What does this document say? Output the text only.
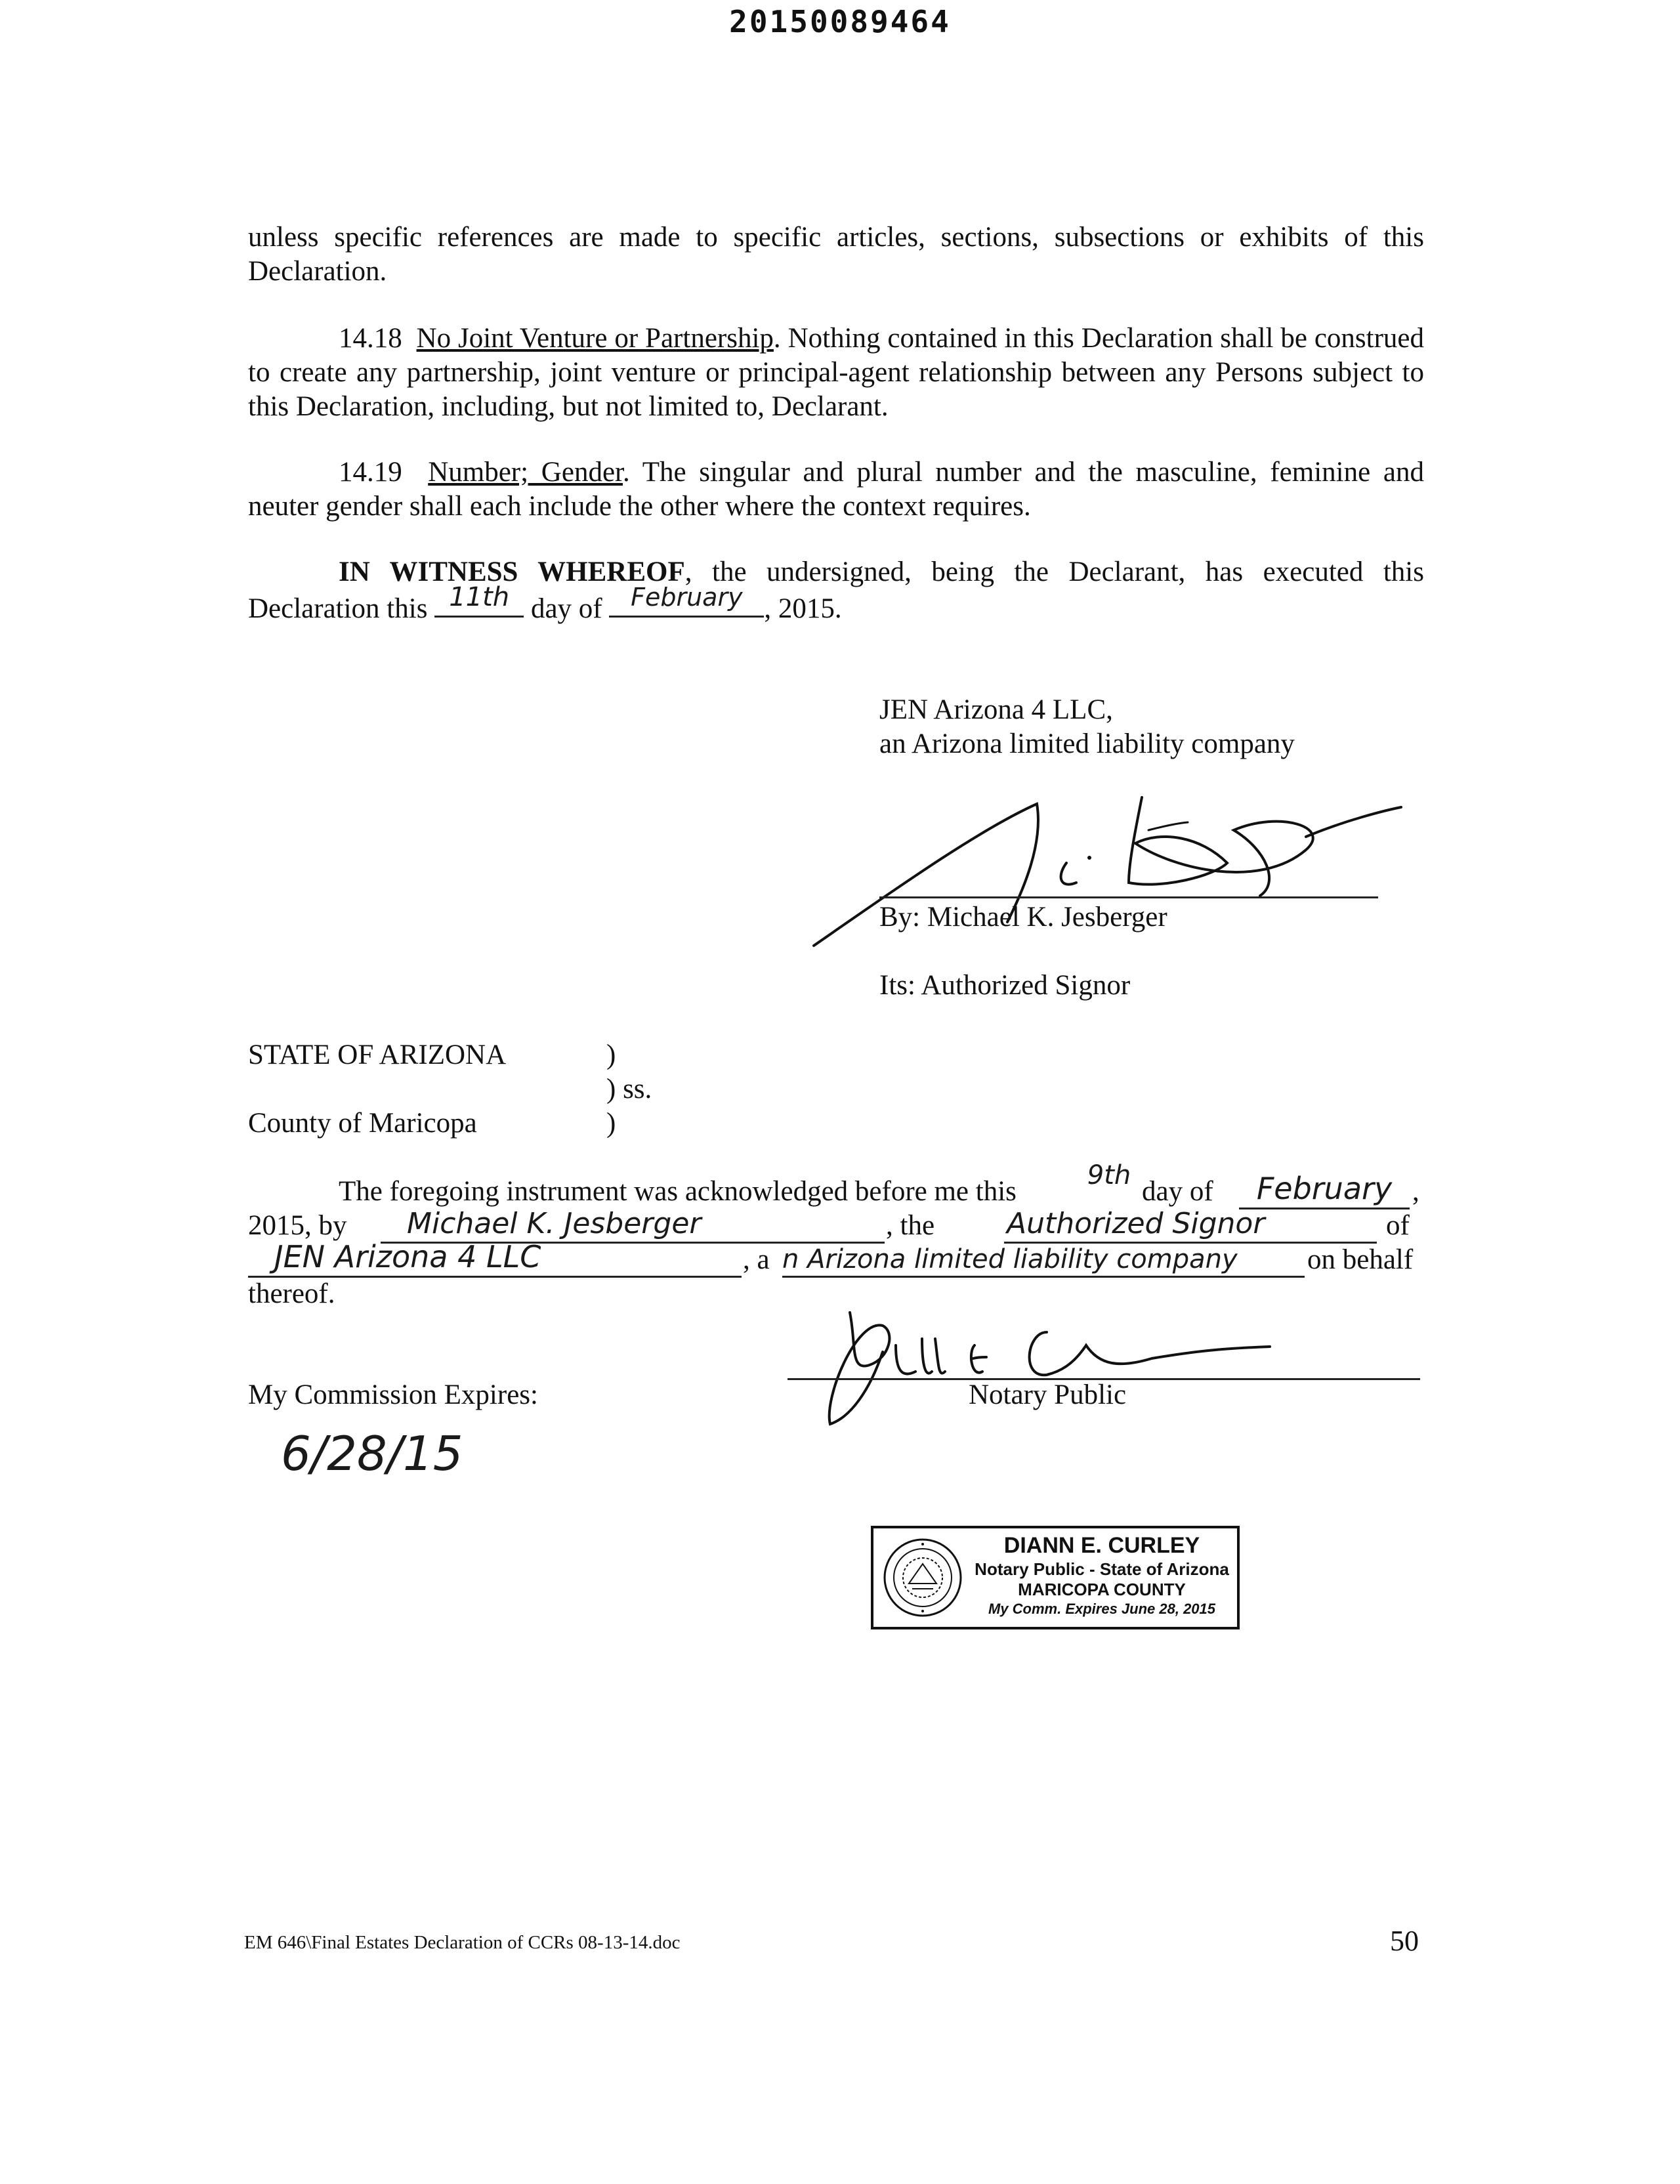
20150089464
unless specific references are made to specific articles, sections, subsections or exhibits of this Declaration.
14.18 No Joint Venture or Partnership. Nothing contained in this Declaration shall be construed to create any partnership, joint venture or principal-agent relationship between any Persons subject to this Declaration, including, but not limited to, Declarant.
14.19 Number; Gender. The singular and plural number and the masculine, feminine and neuter gender shall each include the other where the context requires.
IN WITNESS WHEREOF, the undersigned, being the Declarant, has executed this Declaration this 11th day of	February , 2015.
JEN Arizona 4 LLC,
an Arizona limited liability company
By: Michael K. Jesberger
Its: Authorized Signor
STATE OF ARIZONA	)
) ss.
County of Maricopa	)
The foregoing instrument was acknowledged before me this
9th
day of	February ,
2015, by	Michael K. Jesberger	, the Authorized Signor	of
JEN Arizona 4 LLC	, a n Arizona limited liability company	on behalf
thereof.
My Commission Expires:	Notary Public
6/28/15
DIANN E. CURLEY
Notary Public - State of Arizona
MARICOPA COUNTY
My Comm. Expires June 28, 2015
EM 646\Final Estates Declaration of CCRs 08-13-14.doc	50
